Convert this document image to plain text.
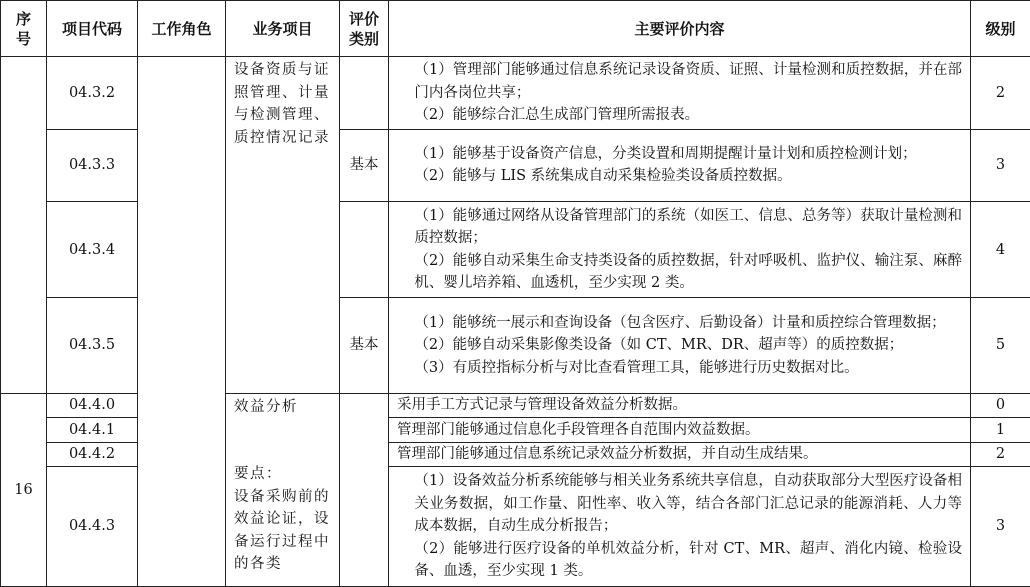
序
号	项目代码	工作角色	业务项目	评价
类别	主要评价内容	级别
	04.3.2		设备资质与证照管理、计量与检测管理、质控情况记录		（1）管理部门能够通过信息系统记录设备资质、证照、计量检测和质控数据，并在部门内各岗位共享；
（2）能够综合汇总生成部门管理所需报表。	2
	04.3.3			基本	（1）能够基于设备资产信息，分类设置和周期提醒计量计划和质控检测计划；
（2）能够与 LIS 系统集成自动采集检验类设备质控数据。	3
	04.3.4				（1）能够通过网络从设备管理部门的系统（如医工、信息、总务等）获取计量检测和质控数据；
（2）能够自动采集生命支持类设备的质控数据，针对呼吸机、监护仪、输注泵、麻醉机、婴儿培养箱、血透机，至少实现 2 类。	4
	04.3.5			基本	（1）能够统一展示和查询设备（包含医疗、后勤设备）计量和质控综合管理数据；
（2）能够自动采集影像类设备（如 CT、MR、DR、超声等）的质控数据；
（3）有质控指标分析与对比查看管理工具，能够进行历史数据对比。	5
16	04.4.0		效益分析
要点：
设备采购前的效益论证，设备运行过程中的各类		采用手工方式记录与管理设备效益分析数据。	0
	04.4.1				管理部门能够通过信息化手段管理各自范围内效益数据。	1
	04.4.2				管理部门能够通过信息系统记录效益分析数据，并自动生成结果。	2
	04.4.3				（1）设备效益分析系统能够与相关业务系统共享信息，自动获取部分大型医疗设备相关业务数据，如工作量、阳性率、收入等，结合各部门汇总记录的能源消耗、人力等成本数据，自动生成分析报告；
（2）能够进行医疗设备的单机效益分析，针对 CT、MR、超声、消化内镜、检验设备、血透，至少实现 1 类。	3
